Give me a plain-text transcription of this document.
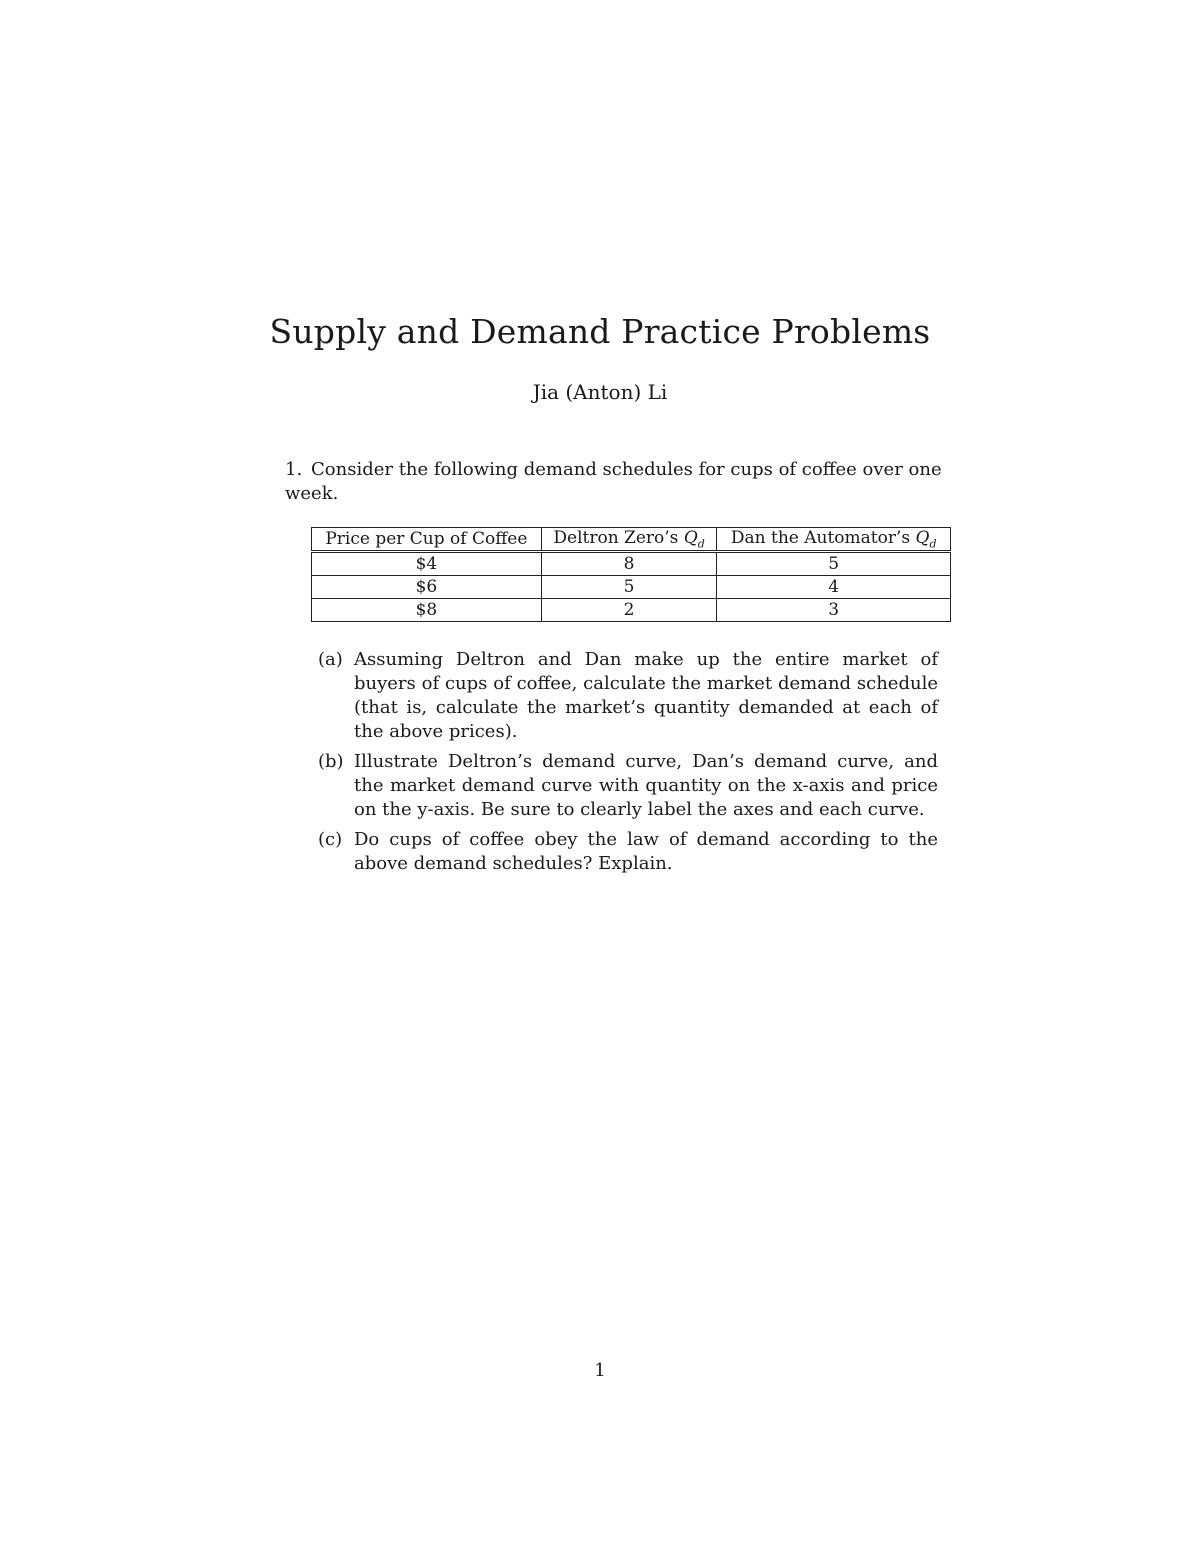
Supply and Demand Practice Problems
Jia (Anton) Li
1. Consider the following demand schedules for cups of coffee over one week.
Price per Cup of Coffee	Deltron Zero’s $Q_d$	Dan the Automator’s $Q_d$
$4	8	5
$6	5	4
$8	2	3
(a) Assuming Deltron and Dan make up the entire market of buyers of cups of coffee, calculate the market demand schedule (that is, calculate the market’s quantity demanded at each of the above prices).
(b) Illustrate Deltron’s demand curve, Dan’s demand curve, and the market demand curve with quantity on the x-axis and price on the y-axis. Be sure to clearly label the axes and each curve.
(c) Do cups of coffee obey the law of demand according to the above demand schedules? Explain.
1
